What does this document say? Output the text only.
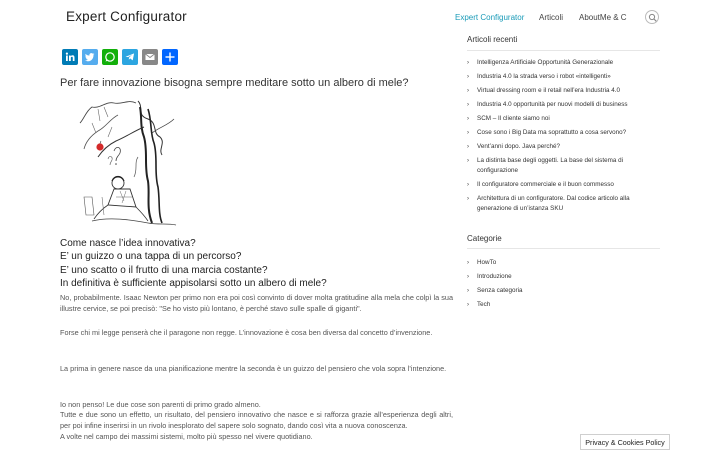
Expert Configurator	Expert Configurator Articoli AboutMe & C
Per fare innovazione bisogna sempre meditare sotto un albero di mele?
Come nasce l’idea innovativa?
E’ un guizzo o una tappa di un percorso?
E’ uno scatto o il frutto di una marcia costante?
In definitiva è sufficiente appisolarsi sotto un albero di mele?
No, probabilmente. Isaac Newton per primo non era poi così convinto di dover molta gratitudine alla mela che colpì la sua illustre cervice, se poi precisò: "Se ho visto più lontano, è perché stavo sulle spalle di giganti".
Forse chi mi legge penserà che il paragone non regge. L’innovazione è cosa ben diversa dal concetto d’invenzione.
La prima in genere nasce da una pianificazione mentre la seconda è un guizzo del pensiero che vola sopra l’intenzione.
Io non penso! Le due cose son parenti di primo grado almeno.
Tutte e due sono un effetto, un risultato, del pensiero innovativo che nasce e si rafforza grazie all’esperienza degli altri, per poi infine inserirsi in un rivolo inesplorato del sapere solo sognato, dando così vita a nuova conoscenza.
A volte nel campo dei massimi sistemi, molto più spesso nel vivere quotidiano.
Articoli recenti
› Intelligenza Artificiale Opportunità Generazionale
› Industria 4.0 la strada verso i robot «intelligenti»
› Virtual dressing room e il retail nell’era Industria 4.0
› Industria 4.0 opportunità per nuovi modelli di business
› SCM – Il cliente siamo noi
› Cose sono i Big Data ma soprattutto a cosa servono?
› Vent’anni dopo. Java perché?
› La distinta base degli oggetti. La base del sistema di configurazione
› Il configuratore commerciale e il buon commesso
› Architettura di un configuratore. Dal codice articolo alla generazione di un’istanza SKU
Categorie
› HowTo
› Introduzione
› Senza categoria
› Tech
Privacy & Cookies Policy
